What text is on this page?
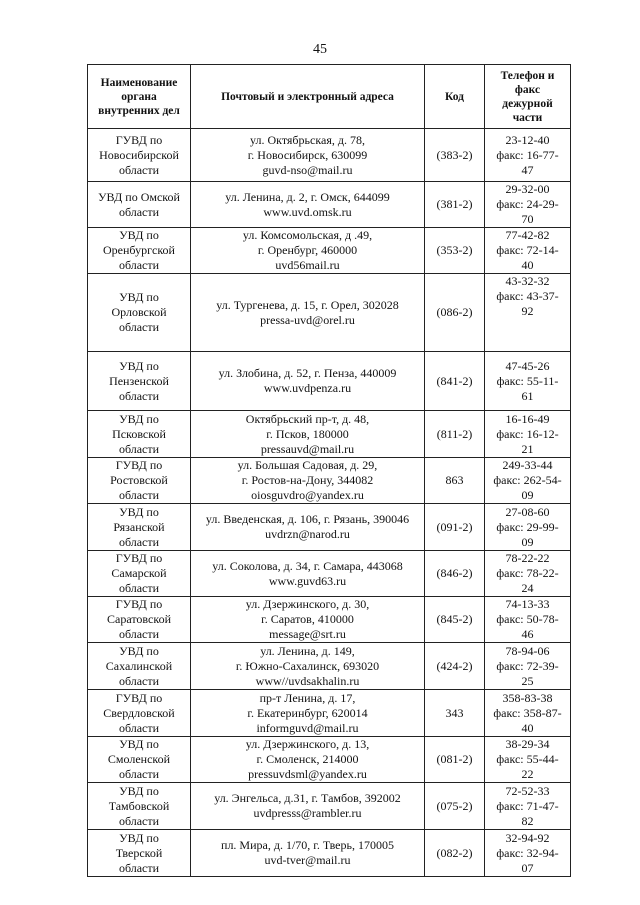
45
Наименование
органа
внутренних дел	Почтовый и электронный адреса	Код	Телефон и
факс
дежурной
части

ГУВД по
Новосибирской
области	ул. Октябрьская, д. 78,
г. Новосибирск, 630099
guvd-nso@mail.ru	(383-2)	23-12-40
факс: 16-77-
47

УВД по Омской
области	ул. Ленина, д. 2, г. Омск, 644099
www.uvd.omsk.ru	(381-2)	29-32-00
факс: 24-29-
70

УВД по
Оренбургской
области	ул. Комсомольская, д .49,
г. Оренбург, 460000
uvd56mail.ru	(353-2)	77-42-82
факс: 72-14-
40

УВД по
Орловской
области	ул. Тургенева, д. 15, г. Орел, 302028
pressa-uvd@orel.ru	(086-2)	43-32-32
факс: 43-37-
92

УВД по
Пензенской
области	ул. Злобина, д. 52, г. Пенза, 440009
www.uvdpenza.ru	(841-2)	47-45-26
факс: 55-11-
61

УВД по
Псковской
области	Октябрьский пр-т, д. 48,
г. Псков, 180000
pressauvd@mail.ru	(811-2)	16-16-49
факс: 16-12-
21

ГУВД по
Ростовской
области	ул. Большая Садовая, д. 29,
г. Ростов-на-Дону, 344082
oiosguvdro@yandex.ru	863	249-33-44
факс: 262-54-
09

УВД по
Рязанской
области	ул. Введенская, д. 106, г. Рязань, 390046
uvdrzn@narod.ru	(091-2)	27-08-60
факс: 29-99-
09

ГУВД по
Самарской
области	ул. Соколова, д. 34, г. Самара, 443068
www.guvd63.ru	(846-2)	78-22-22
факс: 78-22-
24

ГУВД по
Саратовской
области	ул. Дзержинского, д. 30,
г. Саратов, 410000
message@srt.ru	(845-2)	74-13-33
факс: 50-78-
46

УВД по
Сахалинской
области	ул. Ленина, д. 149,
г. Южно-Сахалинск, 693020
www//uvdsakhalin.ru	(424-2)	78-94-06
факс: 72-39-
25

ГУВД по
Свердловской
области	пр-т Ленина, д. 17,
г. Екатеринбург, 620014
informguvd@mail.ru	343	358-83-38
факс: 358-87-
40

УВД по
Смоленской
области	ул. Дзержинского, д. 13,
г. Смоленск, 214000
pressuvdsml@yandex.ru	(081-2)	38-29-34
факс: 55-44-
22

УВД по
Тамбовской
области	ул. Энгельса, д.31, г. Тамбов, 392002
uvdpresss@rambler.ru	(075-2)	72-52-33
факс: 71-47-
82

УВД по
Тверской
области	пл. Мира, д. 1/70, г. Тверь, 170005
uvd-tver@mail.ru	(082-2)	32-94-92
факс: 32-94-
07
